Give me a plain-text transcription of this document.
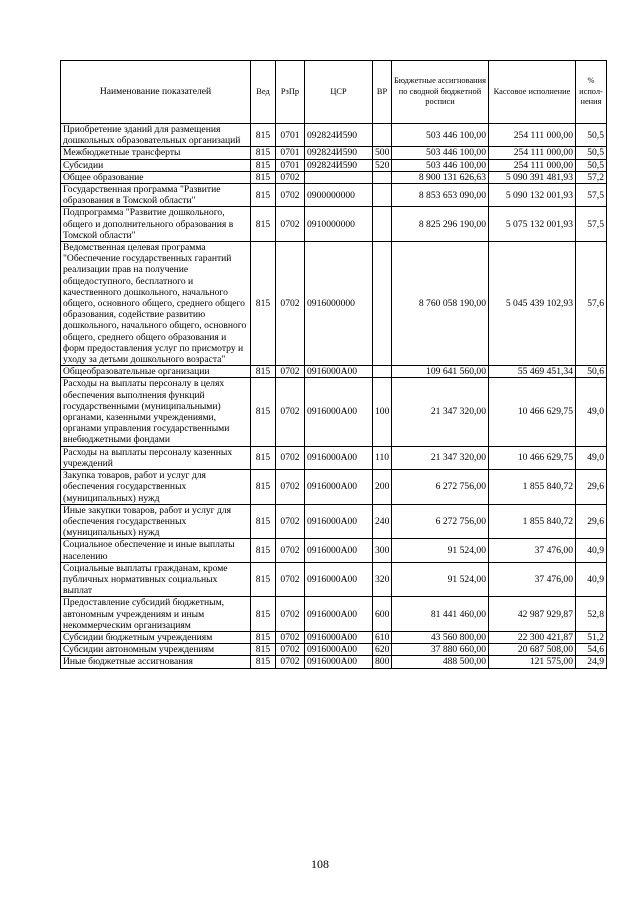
Наименование показателей	Вед	РзПр	ЦСР	ВР	Бюджетные ассигнования по сводной бюджетной росписи	Кассовое исполнение	% испол-нения
Приобретение зданий для размещения дошкольных образовательных организаций	815	0701	092824И590		503 446 100,00	254 111 000,00	50,5
Межбюджетные трансферты	815	0701	092824И590	500	503 446 100,00	254 111 000,00	50,5
Субсидии	815	0701	092824И590	520	503 446 100,00	254 111 000,00	50,5
Общее образование	815	0702			8 900 131 626,63	5 090 391 481,93	57,2
Государственная программа "Развитие образования в Томской области"	815	0702	0900000000		8 853 653 090,00	5 090 132 001,93	57,5
Подпрограмма "Развитие дошкольного, общего и дополнительного образования в Томской области"	815	0702	0910000000		8 825 296 190,00	5 075 132 001,93	57,5
Ведомственная целевая программа "Обеспечение государственных гарантий реализации прав на получение общедоступного, бесплатного и качественного дошкольного, начального общего, основного общего, среднего общего образования, содействие развитию дошкольного, начального общего, основного общего, среднего общего образования и форм предоставления услуг по присмотру и уходу за детьми дошкольного возраста"	815	0702	0916000000		8 760 058 190,00	5 045 439 102,93	57,6
Общеобразовательные организации	815	0702	0916000А00		109 641 560,00	55 469 451,34	50,6
Расходы на выплаты персоналу в целях обеспечения выполнения функций государственными (муниципальными) органами, казенными учреждениями, органами управления государственными внебюджетными фондами	815	0702	0916000А00	100	21 347 320,00	10 466 629,75	49,0
Расходы на выплаты персоналу казенных учреждений	815	0702	0916000А00	110	21 347 320,00	10 466 629,75	49,0
Закупка товаров, работ и услуг для обеспечения государственных (муниципальных) нужд	815	0702	0916000А00	200	6 272 756,00	1 855 840,72	29,6
Иные закупки товаров, работ и услуг для обеспечения государственных (муниципальных) нужд	815	0702	0916000А00	240	6 272 756,00	1 855 840,72	29,6
Социальное обеспечение и иные выплаты населению	815	0702	0916000А00	300	91 524,00	37 476,00	40,9
Социальные выплаты гражданам, кроме публичных нормативных социальных выплат	815	0702	0916000А00	320	91 524,00	37 476,00	40,9
Предоставление субсидий бюджетным, автономным учреждениям и иным некоммерческим организациям	815	0702	0916000А00	600	81 441 460,00	42 987 929,87	52,8
Субсидии бюджетным учреждениям	815	0702	0916000А00	610	43 560 800,00	22 300 421,87	51,2
Субсидии автономным учреждениям	815	0702	0916000А00	620	37 880 660,00	20 687 508,00	54,6
Иные бюджетные ассигнования	815	0702	0916000А00	800	488 500,00	121 575,00	24,9
108
